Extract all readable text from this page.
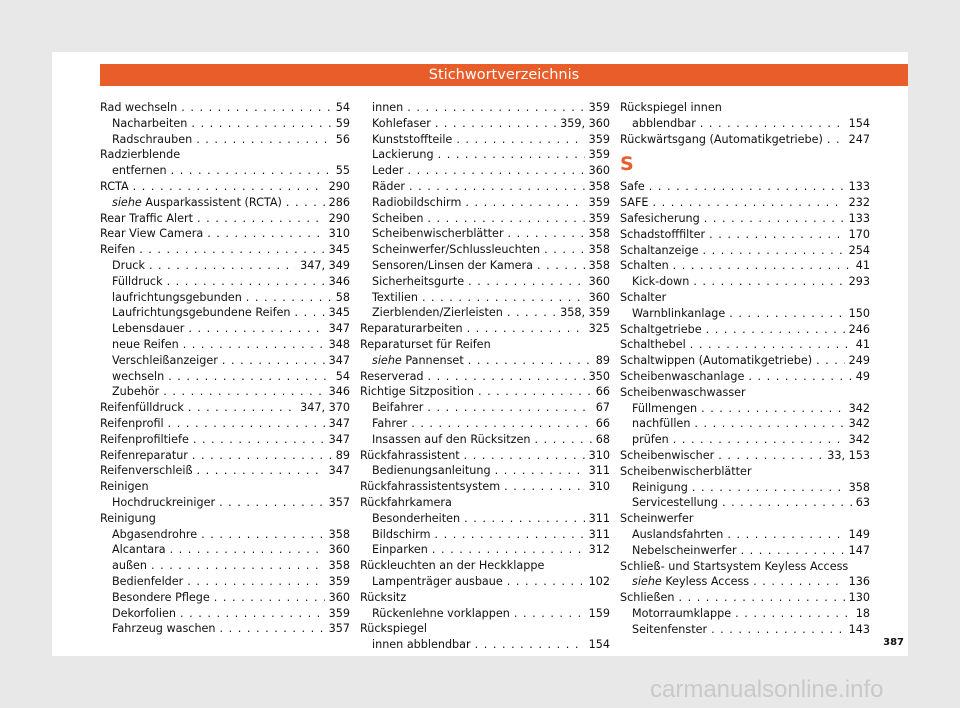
Stichwortverzeichnis
Rad wechseln . . .	54
Nacharbeiten . . .	59
Radschrauben . . .	56
Radzierblende
entfernen . . .	55
RCTA . . .	290
siehe Ausparkassistent (RCTA) . . .	286
Rear Traffic Alert . . .	290
Rear View Camera . . .	310
Reifen . . .	345
Druck . . .	347, 349
Fülldruck . . .	346
laufrichtungsgebunden . . .	58
Laufrichtungsgebundene Reifen . . .	345
Lebensdauer . . .	347
neue Reifen . . .	348
Verschleißanzeiger . . .	347
wechseln . . .	54
Zubehör . . .	346
Reifenfülldruck . . .	347, 370
Reifenprofil . . .	347
Reifenprofiltiefe . . .	347
Reifenreparatur . . .	89
Reifenverschleiß . . .	347
Reinigen
Hochdruckreiniger . . .	357
Reinigung
Abgasendrohre . . .	358
Alcantara . . .	360
außen . . .	358
Bedienfelder . . .	359
Besondere Pflege . . .	360
Dekorfolien . . .	359
Fahrzeug waschen . . .	357
innen . . .	359
Kohlefaser . . .	359, 360
Kunststoffteile . . .	359
Lackierung . . .	359
Leder . . .	360
Räder . . .	358
Radiobildschirm . . .	359
Scheiben . . .	359
Scheibenwischerblätter . . .	358
Scheinwerfer/Schlussleuchten . . .	358
Sensoren/Linsen der Kamera . . .	358
Sicherheitsgurte . . .	360
Textilien . . .	360
Zierblenden/Zierleisten . . .	358, 359
Reparaturarbeiten . . .	325
Reparaturset für Reifen
siehe Pannenset . . .	89
Reserverad . . .	350
Richtige Sitzposition . . .	66
Beifahrer . . .	67
Fahrer . . .	66
Insassen auf den Rücksitzen . . .	68
Rückfahrassistent . . .	310
Bedienungsanleitung . . .	311
Rückfahrassistentsystem . . .	310
Rückfahrkamera
Besonderheiten . . .	311
Bildschirm . . .	311
Einparken . . .	312
Rückleuchten an der Heckklappe
Lampenträger ausbaue . . .	102
Rücksitz
Rückenlehne vorklappen . . .	159
Rückspiegel
innen abblendbar . . .	154
Rückspiegel innen
abblendbar . . .	154
Rückwärtsgang (Automatikgetriebe) . . . 247
S
Safe . . .	133
SAFE . . .	232
Safesicherung . . .	133
Schadstofffilter . . .	170
Schaltanzeige . . .	254
Schalten . . .	41
Kick-down . . .	293
Schalter
Warnblinkanlage . . .	150
Schaltgetriebe . . .	246
Schalthebel . . .	41
Schaltwippen (Automatikgetriebe) . . .	249
Scheibenwaschanlage . . .	49
Scheibenwaschwasser
Füllmengen . . .	342
nachfüllen . . .	342
prüfen . . .	342
Scheibenwischer . . .	33, 153
Scheibenwischerblätter
Reinigung . . .	358
Servicestellung . . .	63
Scheinwerfer
Auslandsfahrten . . .	149
Nebelscheinwerfer . . .	147
Schließ- und Startsystem Keyless Access
siehe Keyless Access . . .	136
Schließen . . .	130
Motorraumklappe . . .	18
Seitenfenster . . .	143
387
carmanualsonline.info
